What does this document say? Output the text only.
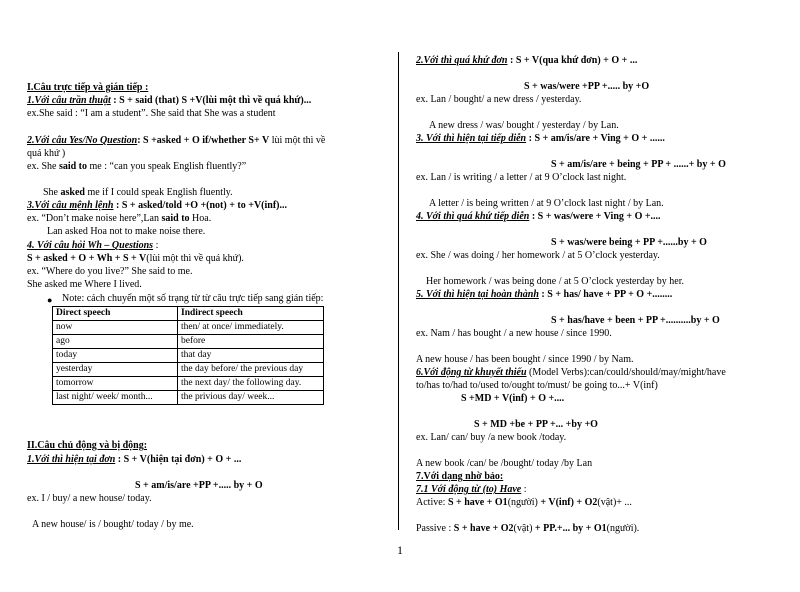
I.Câu trực tiếp và gián tiếp :
1.Với câu trần thuật : S + said (that) S +V(lùi một thì về quá khứ)...
ex.She said : “I am a student”. She said that She was a student
2.Với câu Yes/No Question: S +asked + O if/whether S+ V lùi một thì về
quá khứ )
ex. She said to me : “can you speak English fluently?”
She asked me if I could speak English fluently.
3.Với câu mệnh lệnh : S + asked/told +O +(not) + to +V(inf)...
ex. “Don’t make noise here”,Lan said to Hoa.
Lan asked Hoa not to make noise there.
4. Với câu hỏi Wh – Questions :
S + asked + O + Wh + S + V(lùi một thì về quá khứ).
ex. “Where do you live?” She said to me.
She asked me Where I lived.
Note: cách chuyển một số trạng từ từ câu trực tiếp sang gián tiếp:
●
Direct speech	Indirect speech
now	then/ at once/ immediately.
ago	before
today	that day
yesterday	the day before/ the previous day
tomorrow	the next day/ the following day.
last night/ week/ month...	the privious day/ week...
II.Câu chủ động và bị động:
1.Với thì hiện tại đơn : S + V(hiện tại đơn) + O + ...
S + am/is/are +PP +..... by + O
ex. I / buy/ a new house/ today.
A new house/ is / bought/ today / by me.
2.Với thì quá khứ đơn : S + V(qua khứ đơn) + O + ...
S + was/were +PP +..... by +O
ex. Lan / bought/ a new dress / yesterday.
A new dress / was/ bought / yesterday / by Lan.
3. Với thì hiện tại tiếp diễn : S + am/is/are + Ving + O + ......
S + am/is/are + being + PP + ......+ by + O
ex. Lan / is writing / a letter / at 9 O’clock last night.
A letter / is being written / at 9 O’clock last night / by Lan.
4. Với thì quá khứ tiếp diễn : S + was/were + Ving + O +....
S + was/were being + PP +......by + O
ex. She / was doing / her homework / at 5 O’clock yesterday.
Her homework / was being done / at 5 O’clock yesterday by her.
5. Với thì hiện tại hoàn thành : S + has/ have + PP + O +........
S + has/have + been + PP +..........by + O
ex. Nam / has bought / a new house / since 1990.
A new house / has been bought / since 1990 / by Nam.
6.Với động từ khuyết thiếu (Model Verbs):can/could/should/may/might/have
to/has to/had to/used to/ought to/must/ be going to...+ V(inf)
S +MD + V(inf) + O +....
S + MD +be + PP +... +by +O
ex. Lan/ can/ buy /a new book /today.
A new book /can/ be /bought/ today /by Lan
7.Với dạng nhờ bảo:
7.1 Với động từ (to) Have :
Active: S + have + O1(người) + V(inf) + O2(vật)+ ...
Passive : S + have + O2(vật) + PP.+... by + O1(người).
1
